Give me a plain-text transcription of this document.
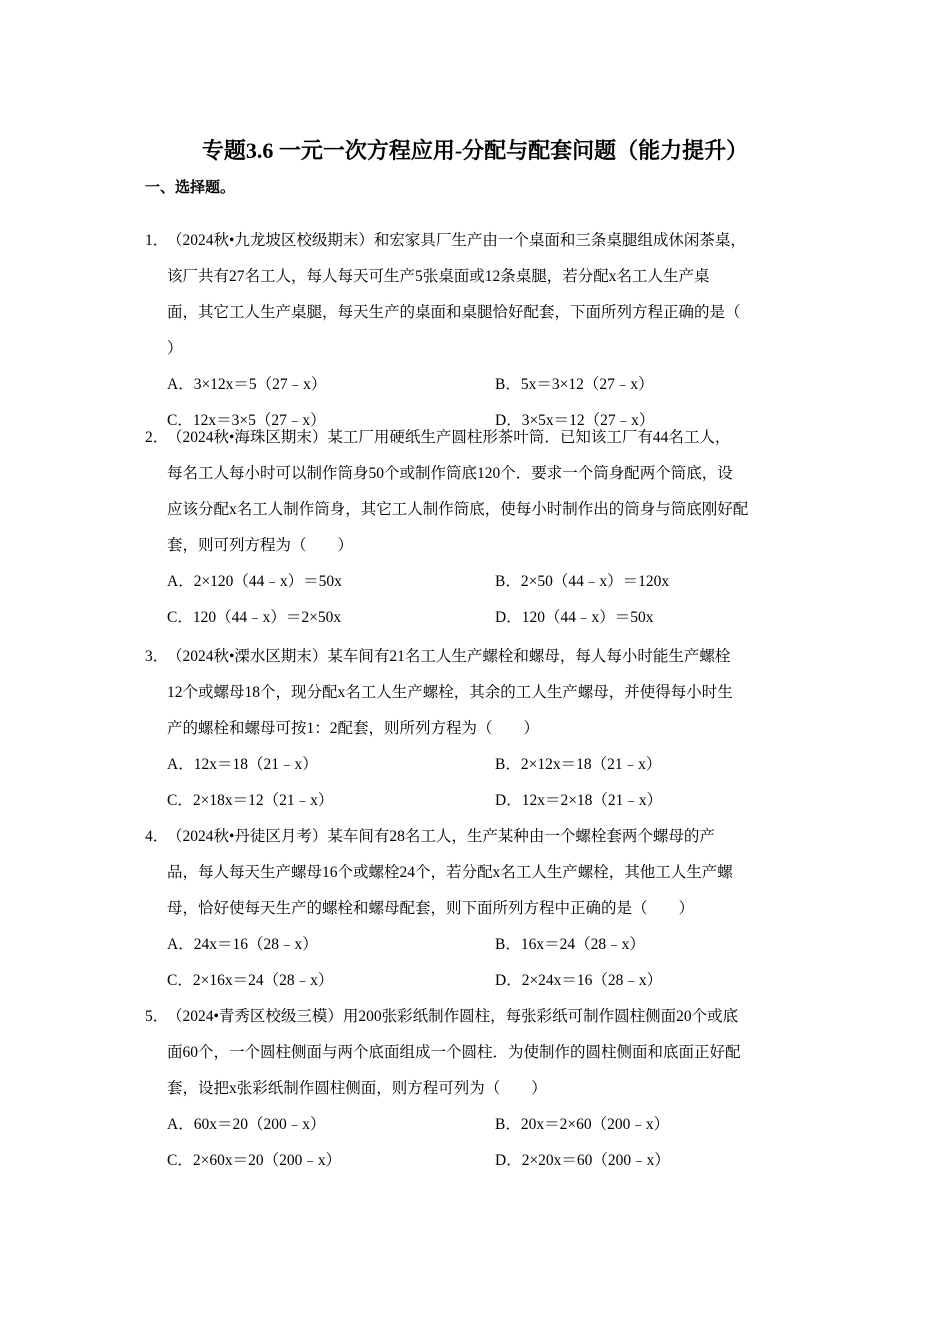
专题3.6 一元一次方程应用-分配与配套问题（能力提升）
一、选择题。
1．（2024秋•九龙坡区校级期末）和宏家具厂生产由一个桌面和三条桌腿组成休闲茶桌，
该厂共有27名工人，每人每天可生产5张桌面或12条桌腿，若分配x名工人生产桌
面，其它工人生产桌腿，每天生产的桌面和桌腿恰好配套，下面所列方程正确的是（
）
A．3×12x＝5（27﹣x）	B．5x＝3×12（27﹣x）
C．12x＝3×5（27﹣x）	D．3×5x＝12（27﹣x）
2．（2024秋•海珠区期末）某工厂用硬纸生产圆柱形茶叶筒．已知该工厂有44名工人，
每名工人每小时可以制作筒身50个或制作筒底120个．要求一个筒身配两个筒底，设
应该分配x名工人制作筒身，其它工人制作筒底，使每小时制作出的筒身与筒底刚好配
套，则可列方程为（　　）
A．2×120（44﹣x）＝50x	B．2×50（44﹣x）＝120x
C．120（44﹣x）＝2×50x	D．120（44﹣x）＝50x
3．（2024秋•溧水区期末）某车间有21名工人生产螺栓和螺母，每人每小时能生产螺栓
12个或螺母18个，现分配x名工人生产螺栓，其余的工人生产螺母，并使得每小时生
产的螺栓和螺母可按1：2配套，则所列方程为（　　）
A．12x＝18（21﹣x）	B．2×12x＝18（21﹣x）
C．2×18x＝12（21﹣x）	D．12x＝2×18（21﹣x）
4．（2024秋•丹徒区月考）某车间有28名工人，生产某种由一个螺栓套两个螺母的产
品，每人每天生产螺母16个或螺栓24个，若分配x名工人生产螺栓，其他工人生产螺
母，恰好使每天生产的螺栓和螺母配套，则下面所列方程中正确的是（　　）
A．24x＝16（28﹣x）	B．16x＝24（28﹣x）
C．2×16x＝24（28﹣x）	D．2×24x＝16（28﹣x）
5．（2024•青秀区校级三模）用200张彩纸制作圆柱，每张彩纸可制作圆柱侧面20个或底
面60个，一个圆柱侧面与两个底面组成一个圆柱．为使制作的圆柱侧面和底面正好配
套，设把x张彩纸制作圆柱侧面，则方程可列为（　　）
A．60x＝20（200﹣x）	B．20x＝2×60（200﹣x）
C．2×60x＝20（200﹣x）	D．2×20x＝60（200﹣x）
